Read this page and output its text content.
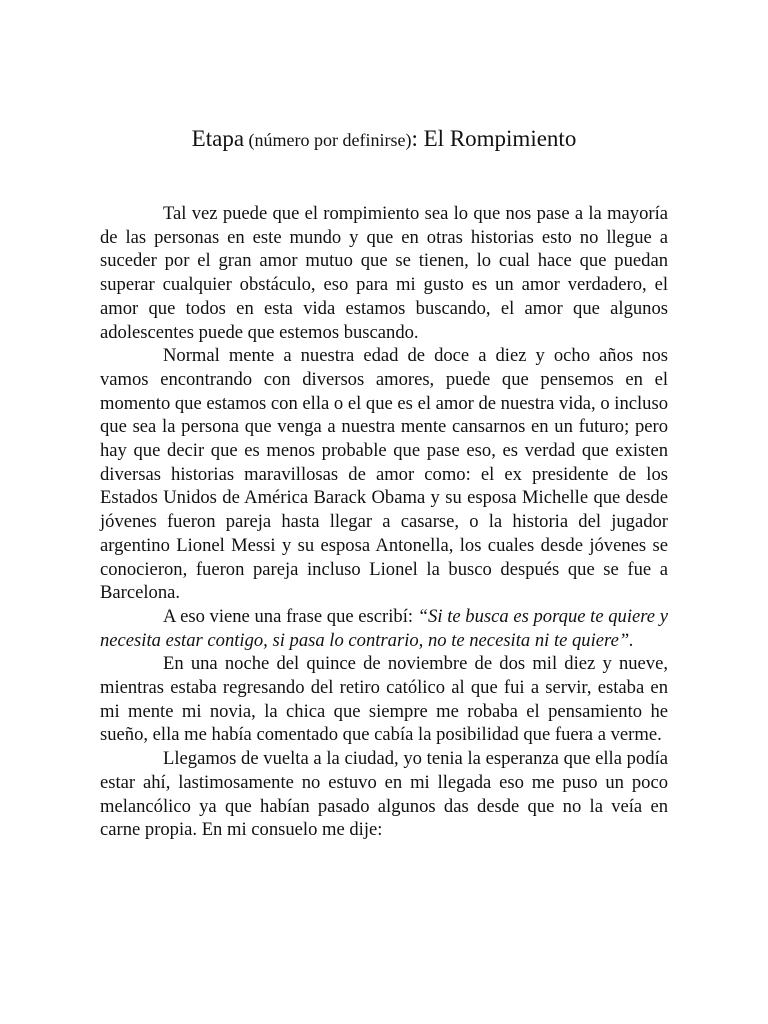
Etapa (número por definirse): El Rompimiento

Tal vez puede que el rompimiento sea lo que nos pase a la mayoría de las personas en este mundo y que en otras historias esto no llegue a suceder por el gran amor mutuo que se tienen, lo cual hace que puedan superar cualquier obstáculo, eso para mi gusto es un amor verdadero, el amor que todos en esta vida estamos buscando, el amor que algunos adolescentes puede que estemos buscando.

Normal mente a nuestra edad de doce a diez y ocho años nos vamos encontrando con diversos amores, puede que pensemos en el momento que estamos con ella o el que es el amor de nuestra vida, o incluso que sea la persona que venga a nuestra mente cansarnos en un futuro; pero hay que decir que es menos probable que pase eso, es verdad que existen diversas historias maravillosas de amor como: el ex presidente de los Estados Unidos de América Barack Obama y su esposa Michelle que desde jóvenes fueron pareja hasta llegar a casarse, o la historia del jugador argentino Lionel Messi y su esposa Antonella, los cuales desde jóvenes se conocieron, fueron pareja incluso Lionel la busco después que se fue a Barcelona.

A eso viene una frase que escribí: “Si te busca es porque te quiere y necesita estar contigo, si pasa lo contrario, no te necesita ni te quiere”.

En una noche del quince de noviembre de dos mil diez y nueve, mientras estaba regresando del retiro católico al que fui a servir, estaba en mi mente mi novia, la chica que siempre me robaba el pensamiento he sueño, ella me había comentado que cabía la posibilidad que fuera a verme.

Llegamos de vuelta a la ciudad, yo tenia la esperanza que ella podía estar ahí, lastimosamente no estuvo en mi llegada eso me puso un poco melancólico ya que habían pasado algunos das desde que no la veía en carne propia. En mi consuelo me dije:
